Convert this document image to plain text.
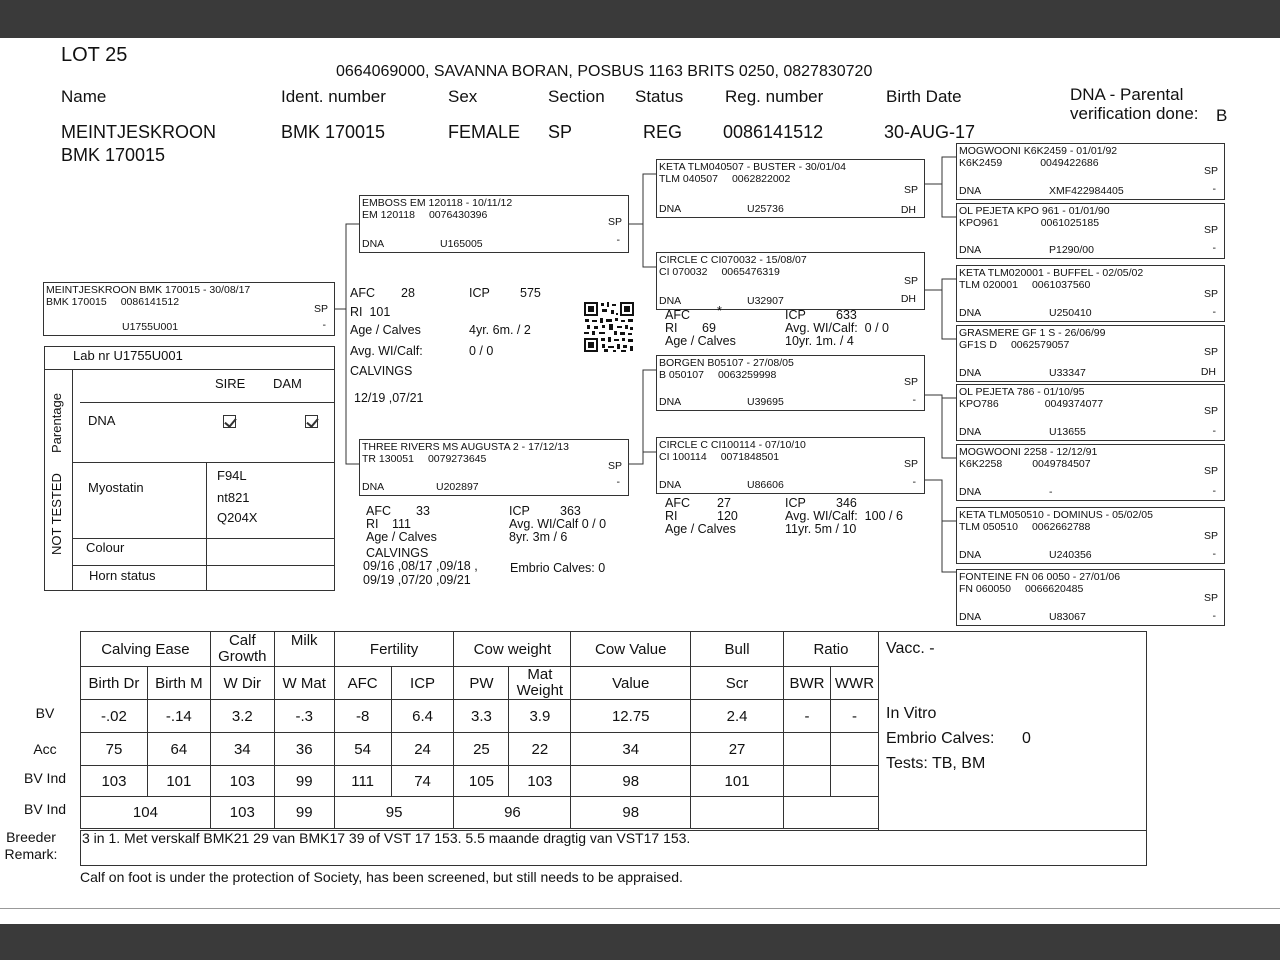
LOT 25
0664069000, SAVANNA BORAN, POSBUS 1163 BRITS 0250, 0827830720
Name	Ident. number	Sex	Section Status Reg. number	Birth Date	DNA - Parental
verification done: B
MEINTJESKROON
BMK 170015
BMK 170015	FEMALE SP	REG 0086141512	30-AUG-17
MEINTJESKROON BMK 170015 - 30/08/17
BMK 170015 0086141512
SP
-
U1755U001
AFC 28	ICP 575
RI 101
Age / Calves	4yr. 6m. / 2
Avg. WI/Calf:	0 / 0
CALVINGS
12/19 ,07/21
Lab nr U1755U001
SIRE DAM
DNA

Parentage
NOT TESTED Myostatin
F94L
nt821
Q204X
Colour
Horn status
EMBOSS EM 120118 - 10/11/12
EM 120118 0076430396
SP
-
DNA	U165005
THREE RIVERS MS AUGUSTA 2 - 17/12/13
TR 130051 0079273645
SP
-
DNA	U202897
KETA TLM040507 - BUSTER - 30/01/04
TLM 040507 0062822002
SP
DH
DNA	U25736
CIRCLE C CI070032 - 15/08/07
CI 070032 0065476319
SP
DH
DNA	U32907
BORGEN B05107 - 27/08/05
B 050107 0063259998
SP
-
DNA	U39695
CIRCLE C CI100114 - 07/10/10
CI 100114 0071848501
SP
-
DNA	U86606
MOGWOONI K6K2459 - 01/01/92
K6K2459	0049422686
SP
-
DNA	XMF422984405
OL PEJETA KPO 961 - 01/01/90
KPO961	0061025185
SP
-
DNA	P1290/00
KETA TLM020001 - BUFFEL - 02/05/02
TLM 020001 0061037560
SP
-
DNA	U250410
GRASMERE GF 1 S - 26/06/99
GF1S D 0062579057
SP
DH
DNA	U33347
OL PEJETA 786 - 01/10/95
KPO786	0049374077
SP
-
DNA	U13655
MOGWOONI 2258 - 12/12/91
K6K2258	0049784507
SP
-
DNA	-
KETA TLM050510 - DOMINUS - 05/02/05
TLM 050510 0062662788
SP
-
DNA	U240356
FONTEINE FN 06 0050 - 27/01/06
FN 060050 0066620485
SP
-
DNA	U83067
AFC *	ICP 633
RI 69	Avg. WI/Calf: 0 / 0
Age / Calves	10yr. 1m. / 4
AFC 27	ICP 346
RI	120	Avg. WI/Calf: 100 / 6
Age / Calves	11yr. 5m / 10
AFC 33	ICP 363
RI 111	Avg. WI/Calf 0 / 0
Age / Calves	8yr. 3m / 6
CALVINGS
09/16 ,08/17 ,09/18 ,
09/19 ,07/20 ,09/21
Embrio Calves: 0
Calving Ease		Calf Growth	Milk	Fertility		Cow weight		Cow Value	Bull	Ratio	
Birth Dr	Birth M	W Dir	W Mat	AFC	ICP	PW	Mat Weight	Value	Scr	BWR	WWR
-.02	-.14	3.2	-.3	-8	6.4	3.3	3.9	12.75	2.4	-	-
75	64	34	36	54	24	25	22	34	27		
103	101	103	99	111	74	105	103	98	101		
104		103	99	95		96		98			
BV
Acc
BV Ind
BV Ind
Vacc. -
In Vitro
Embrio Calves: 0
Tests: TB, BM
Breeder
Remark:
3 in 1. Met verskalf BMK21 29 van BMK17 39 of VST 17 153. 5.5 maande dragtig van VST17 153.
Calf on foot is under the protection of Society, has been screened, but still needs to be appraised.
